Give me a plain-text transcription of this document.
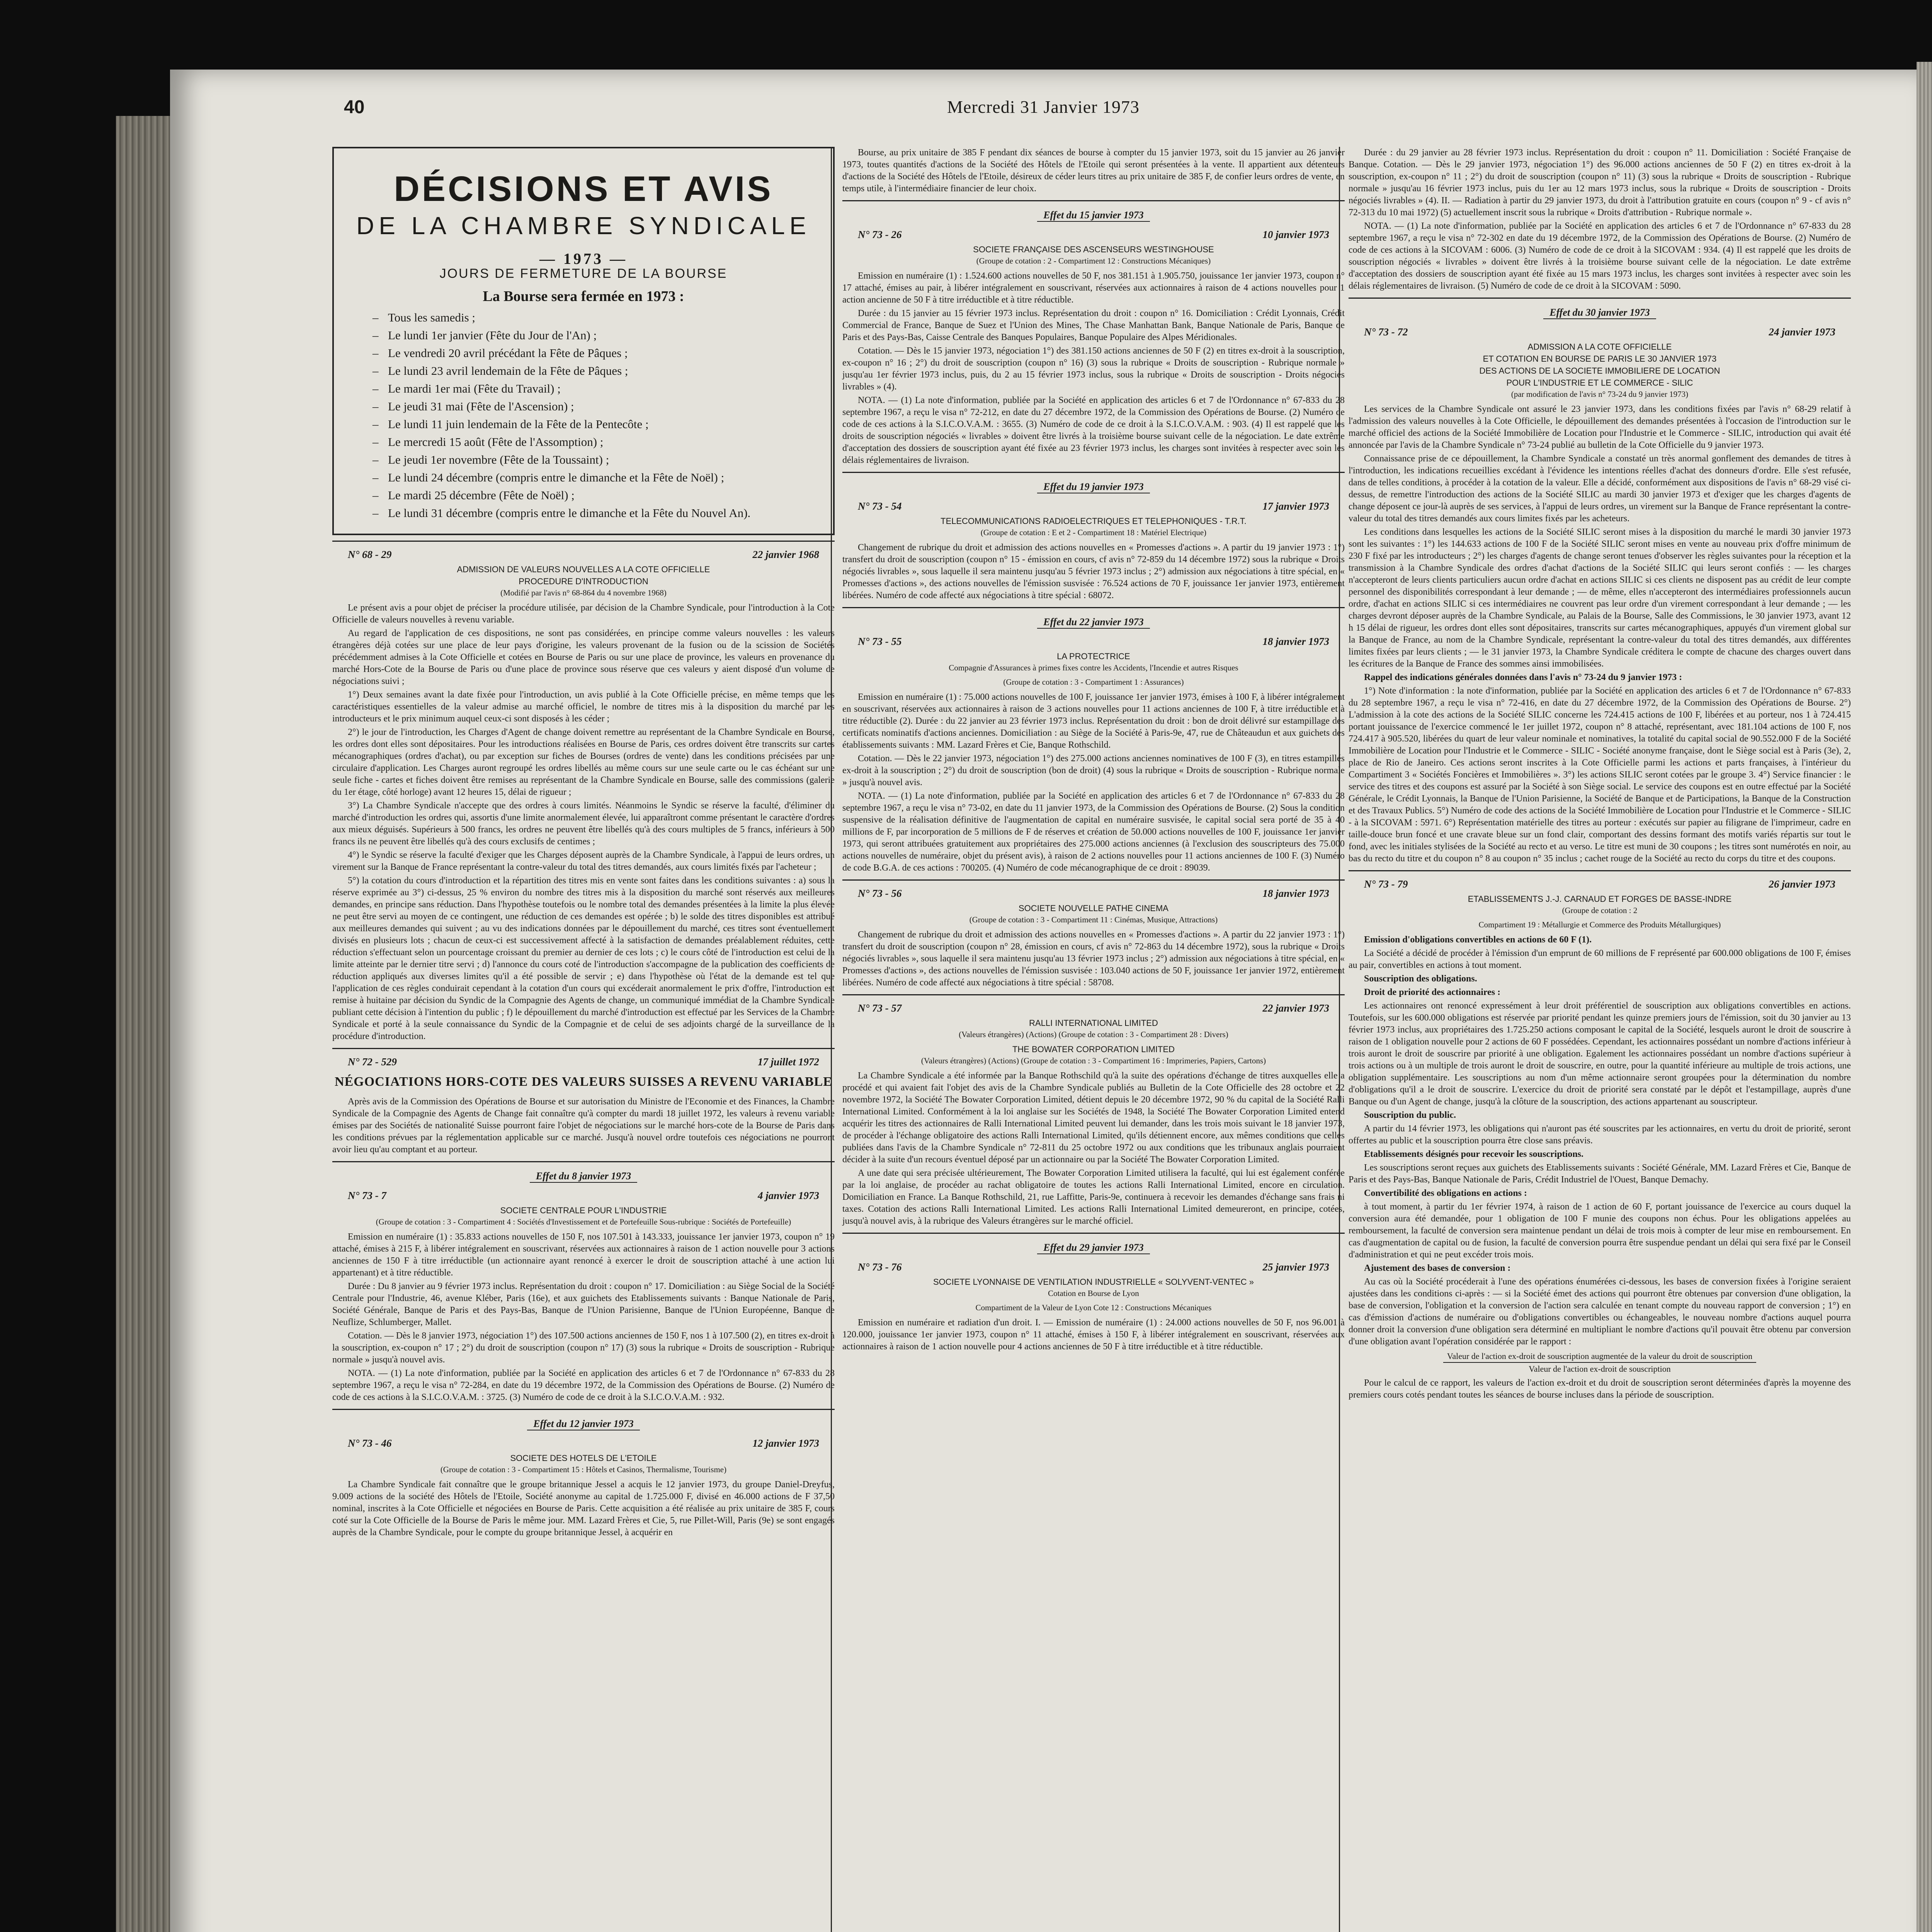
40	Mercredi 31 Janvier 1973
DÉCISIONS ET AVIS
DE LA CHAMBRE SYNDICALE
— 1973 —
JOURS DE FERMETURE DE LA BOURSE
La Bourse sera fermée en 1973 :
– Tous les samedis ;
– Le lundi 1er janvier (Fête du Jour de l'An) ;
– Le vendredi 20 avril précédant la Fête de Pâques ;
– Le lundi 23 avril lendemain de la Fête de Pâques ;
– Le mardi 1er mai (Fête du Travail) ;
– Le jeudi 31 mai (Fête de l'Ascension) ;
– Le lundi 11 juin lendemain de la Fête de la Pentecôte ;
– Le mercredi 15 août (Fête de l'Assomption) ;
– Le jeudi 1er novembre (Fête de la Toussaint) ;
– Le lundi 24 décembre (compris entre le dimanche et la Fête de Noël) ;
– Le mardi 25 décembre (Fête de Noël) ;
– Le lundi 31 décembre (compris entre le dimanche et la Fête du Nouvel An).
N° 68 - 29	22 janvier 1968
ADMISSION DE VALEURS NOUVELLES A LA COTE OFFICIELLE
PROCEDURE D'INTRODUCTION
(Modifié par l'avis n° 68-864 du 4 novembre 1968)

Le présent avis a pour objet de préciser la procédure utilisée, par décision de la Chambre Syndicale, pour l'introduction à la Cote Officielle de valeurs nouvelles à revenu variable.

Au regard de l'application de ces dispositions, ne sont pas considérées, en principe comme valeurs nouvelles : les valeurs étrangères déjà cotées sur une place de leur pays d'origine, les valeurs provenant de la fusion ou de la scission de Sociétés précédemment admises à la Cote Officielle et cotées en Bourse de Paris ou sur une place de province, les valeurs en provenance du marché Hors-Cote de la Bourse de Paris ou d'une place de province sous réserve que ces valeurs y aient disposé d'un volume de négociations suivi ;

1°) Deux semaines avant la date fixée pour l'introduction, un avis publié à la Cote Officielle précise, en même temps que les caractéristiques essentielles de la valeur admise au marché officiel, le nombre de titres mis à la disposition du marché par les introducteurs et le prix minimum auquel ceux-ci sont disposés à les céder ;

2°) le jour de l'introduction, les Charges d'Agent de change doivent remettre au représentant de la Chambre Syndicale en Bourse, les ordres dont elles sont dépositaires. Pour les introductions réalisées en Bourse de Paris, ces ordres doivent être transcrits sur cartes mécanographiques (ordres d'achat), ou par exception sur fiches de Bourses (ordres de vente) dans les conditions précisées par une circulaire d'application. Les Charges auront regroupé les ordres libellés au même cours sur une seule carte ou le cas échéant sur une seule fiche - cartes et fiches doivent être remises au représentant de la Chambre Syndicale en Bourse, salle des commissions (galerie du 1er étage, côté horloge) avant 12 heures 15, délai de rigueur ;

3°) La Chambre Syndicale n'accepte que des ordres à cours limités. Néanmoins le Syndic se réserve la faculté, d'éliminer du marché d'introduction les ordres qui, assortis d'une limite anormalement élevée, lui apparaîtront comme présentant le caractère d'ordres aux mieux déguisés. Supérieurs à 500 francs, les ordres ne peuvent être libellés qu'à des cours multiples de 5 francs, inférieurs à 500 francs ils ne peuvent être libellés qu'à des cours exclusifs de centimes ;

4°) le Syndic se réserve la faculté d'exiger que les Charges déposent auprès de la Chambre Syndicale, à l'appui de leurs ordres, un virement sur la Banque de France représentant la contre-valeur du total des titres demandés, aux cours limités fixés par l'acheteur ;

5°) la cotation du cours d'introduction et la répartition des titres mis en vente sont faites dans les conditions suivantes : a) sous la réserve exprimée au 3°) ci-dessus, 25 % environ du nombre des titres mis à la disposition du marché sont réservés aux meilleures demandes, en principe sans réduction. Dans l'hypothèse toutefois ou le nombre total des demandes présentées à la limite la plus élevée ne peut être servi au moyen de ce contingent, une réduction de ces demandes est opérée ; b) le solde des titres disponibles est attribué aux meilleures demandes qui suivent ; au vu des indications données par le dépouillement du marché, ces titres sont éventuellement divisés en plusieurs lots ; chacun de ceux-ci est successivement affecté à la satisfaction de demandes préalablement réduites, cette réduction s'effectuant selon un pourcentage croissant du premier au dernier de ces lots ; c) le cours côté de l'introduction est celui de la limite atteinte par le dernier titre servi ; d) l'annonce du cours coté de l'introduction s'accompagne de la publication des coefficients de réduction appliqués aux diverses limites qu'il a été possible de servir ; e) dans l'hypothèse où l'état de la demande est tel que l'application de ces règles conduirait cependant à la cotation d'un cours qui excéderait anormalement le prix d'offre, l'introduction est remise à huitaine par décision du Syndic de la Compagnie des Agents de change, un communiqué immédiat de la Chambre Syndicale publiant cette décision à l'intention du public ; f) le dépouillement du marché d'introduction est effectué par les Services de la Chambre Syndicale et porté à la seule connaissance du Syndic de la Compagnie et de celui de ses adjoints chargé de la surveillance de la procédure d'introduction.

N° 72 - 529	17 juillet 1972
NÉGOCIATIONS HORS-COTE DES VALEURS SUISSES A REVENU VARIABLE

Après avis de la Commission des Opérations de Bourse et sur autorisation du Ministre de l'Economie et des Finances, la Chambre Syndicale de la Compagnie des Agents de Change fait connaître qu'à compter du mardi 18 juillet 1972, les valeurs à revenu variable émises par des Sociétés de nationalité Suisse pourront faire l'objet de négociations sur le marché hors-cote de la Bourse de Paris dans les conditions prévues par la réglementation applicable sur ce marché. Jusqu'à nouvel ordre toutefois ces négociations ne pourront avoir lieu qu'au comptant et au porteur.

Effet du 8 janvier 1973
N° 73 - 7	4 janvier 1973
SOCIETE CENTRALE POUR L'INDUSTRIE
(Groupe de cotation : 3 - Compartiment 4 : Sociétés d'Investissement et de Portefeuille Sous-rubrique : Sociétés de Portefeuille)

Emission en numéraire (1) : 35.833 actions nouvelles de 150 F, nos 107.501 à 143.333, jouissance 1er janvier 1973, coupon n° 19 attaché, émises à 215 F, à libérer intégralement en souscrivant, réservées aux actionnaires à raison de 1 action nouvelle pour 3 actions anciennes de 150 F à titre irréductible (un actionnaire ayant renoncé à exercer le droit de souscription attaché à une action lui appartenant) et à titre réductible.

Durée : Du 8 janvier au 9 février 1973 inclus. Représentation du droit : coupon n° 17. Domiciliation : au Siège Social de la Société Centrale pour l'Industrie, 46, avenue Kléber, Paris (16e), et aux guichets des Etablissements suivants : Banque Nationale de Paris, Société Générale, Banque de Paris et des Pays-Bas, Banque de l'Union Parisienne, Banque de l'Union Européenne, Banque de Neuflize, Schlumberger, Mallet.

Cotation. — Dès le 8 janvier 1973, négociation 1°) des 107.500 actions anciennes de 150 F, nos 1 à 107.500 (2), en titres ex-droit à la souscription, ex-coupon n° 17 ; 2°) du droit de souscription (coupon n° 17) (3) sous la rubrique « Droits de souscription - Rubrique normale » jusqu'à nouvel avis.

NOTA. — (1) La note d'information, publiée par la Société en application des articles 6 et 7 de l'Ordonnance n° 67-833 du 28 septembre 1967, a reçu le visa n° 72-284, en date du 19 décembre 1972, de la Commission des Opérations de Bourse. (2) Numéro de code de ces actions à la S.I.C.O.V.A.M. : 3725. (3) Numéro de code de ce droit à la S.I.C.O.V.A.M. : 932.

Effet du 12 janvier 1973
N° 73 - 46	12 janvier 1973
SOCIETE DES HOTELS DE L'ETOILE
(Groupe de cotation : 3 - Compartiment 15 : Hôtels et Casinos, Thermalisme, Tourisme)

La Chambre Syndicale fait connaître que le groupe britannique Jessel a acquis le 12 janvier 1973, du groupe Daniel-Dreyfus, 9.009 actions de la société des Hôtels de l'Etoile, Société anonyme au capital de 1.725.000 F, divisé en 46.000 actions de F 37,50 nominal, inscrites à la Cote Officielle et négociées en Bourse de Paris. Cette acquisition a été réalisée au prix unitaire de 385 F, cours coté sur la Cote Officielle de la Bourse de Paris le même jour. MM. Lazard Frères et Cie, 5, rue Pillet-Will, Paris (9e) se sont engagés auprès de la Chambre Syndicale, pour le compte du groupe britannique Jessel, à acquérir en

Bourse, au prix unitaire de 385 F pendant dix séances de bourse à compter du 15 janvier 1973, soit du 15 janvier au 26 janvier 1973, toutes quantités d'actions de la Société des Hôtels de l'Etoile qui seront présentées à la vente. Il appartient aux détenteurs d'actions de la Société des Hôtels de l'Etoile, désireux de céder leurs titres au prix unitaire de 385 F, de confier leurs ordres de vente, en temps utile, à l'intermédiaire financier de leur choix.

Effet du 15 janvier 1973
N° 73 - 26	10 janvier 1973
SOCIETE FRANÇAISE DES ASCENSEURS WESTINGHOUSE
(Groupe de cotation : 2 - Compartiment 12 : Constructions Mécaniques)

Emission en numéraire (1) : 1.524.600 actions nouvelles de 50 F, nos 381.151 à 1.905.750, jouissance 1er janvier 1973, coupon n° 17 attaché, émises au pair, à libérer intégralement en souscrivant, réservées aux actionnaires à raison de 4 actions nouvelles pour 1 action ancienne de 50 F à titre irréductible et à titre réductible.

Durée : du 15 janvier au 15 février 1973 inclus. Représentation du droit : coupon n° 16. Domiciliation : Crédit Lyonnais, Crédit Commercial de France, Banque de Suez et l'Union des Mines, The Chase Manhattan Bank, Banque Nationale de Paris, Banque de Paris et des Pays-Bas, Caisse Centrale des Banques Populaires, Banque Populaire des Alpes Méridionales.

Cotation. — Dès le 15 janvier 1973, négociation 1°) des 381.150 actions anciennes de 50 F (2) en titres ex-droit à la souscription, ex-coupon n° 16 ; 2°) du droit de souscription (coupon n° 16) (3) sous la rubrique « Droits de souscription - Rubrique normale » jusqu'au 1er février 1973 inclus, puis, du 2 au 15 février 1973 inclus, sous la rubrique « Droits de souscription - Droits négociés livrables » (4).

NOTA. — (1) La note d'information, publiée par la Société en application des articles 6 et 7 de l'Ordonnance n° 67-833 du 28 septembre 1967, a reçu le visa n° 72-212, en date du 27 décembre 1972, de la Commission des Opérations de Bourse. (2) Numéro de code de ces actions à la S.I.C.O.V.A.M. : 3655. (3) Numéro de code de ce droit à la S.I.C.O.V.A.M. : 903. (4) Il est rappelé que les droits de souscription négociés « livrables » doivent être livrés à la troisième bourse suivant celle de la négociation. Le date extrême d'acceptation des dossiers de souscription ayant été fixée au 23 février 1973 inclus, les charges sont invitées à respecter avec soin les délais réglementaires de livraison.

Effet du 19 janvier 1973
N° 73 - 54	17 janvier 1973
TELECOMMUNICATIONS RADIOELECTRIQUES ET TELEPHONIQUES - T.R.T.
(Groupe de cotation : E et 2 - Compartiment 18 : Matériel Electrique)

Changement de rubrique du droit et admission des actions nouvelles en « Promesses d'actions ». A partir du 19 janvier 1973 : 1°) transfert du droit de souscription (coupon n° 15 - émission en cours, cf avis n° 72-859 du 14 décembre 1972) sous la rubrique « Droits négociés livrables », sous laquelle il sera maintenu jusqu'au 5 février 1973 inclus ; 2°) admission aux négociations à titre spécial, en « Promesses d'actions », des actions nouvelles de l'émission susvisée : 76.524 actions de 70 F, jouissance 1er janvier 1973, entièrement libérées. Numéro de code affecté aux négociations à titre spécial : 68072.

Effet du 22 janvier 1973
N° 73 - 55	18 janvier 1973
LA PROTECTRICE
Compagnie d'Assurances à primes fixes contre les Accidents, l'Incendie et autres Risques
(Groupe de cotation : 3 - Compartiment 1 : Assurances)

Emission en numéraire (1) : 75.000 actions nouvelles de 100 F, jouissance 1er janvier 1973, émises à 100 F, à libérer intégralement en souscrivant, réservées aux actionnaires à raison de 3 actions nouvelles pour 11 actions anciennes de 100 F, à titre irréductible et à titre réductible (2). Durée : du 22 janvier au 23 février 1973 inclus. Représentation du droit : bon de droit délivré sur estampillage des certificats nominatifs d'actions anciennes. Domiciliation : au Siège de la Société à Paris-9e, 47, rue de Châteaudun et aux guichets des établissements suivants : MM. Lazard Frères et Cie, Banque Rothschild.

Cotation. — Dès le 22 janvier 1973, négociation 1°) des 275.000 actions anciennes nominatives de 100 F (3), en titres estampillés ex-droit à la souscription ; 2°) du droit de souscription (bon de droit) (4) sous la rubrique « Droits de souscription - Rubrique normale » jusqu'à nouvel avis.

NOTA. — (1) La note d'information, publiée par la Société en application des articles 6 et 7 de l'Ordonnance n° 67-833 du 28 septembre 1967, a reçu le visa n° 73-02, en date du 11 janvier 1973, de la Commission des Opérations de Bourse. (2) Sous la condition suspensive de la réalisation définitive de l'augmentation de capital en numéraire susvisée, le capital social sera porté de 35 à 40 millions de F, par incorporation de 5 millions de F de réserves et création de 50.000 actions nouvelles de 100 F, jouissance 1er janvier 1973, qui seront attribuées gratuitement aux propriétaires des 275.000 actions anciennes (à l'exclusion des souscripteurs des 75.000 actions nouvelles de numéraire, objet du présent avis), à raison de 2 actions nouvelles pour 11 actions anciennes de 100 F. (3) Numéro de code B.G.A. de ces actions : 700205. (4) Numéro de code mécanographique de ce droit : 89039.

N° 73 - 56	18 janvier 1973
SOCIETE NOUVELLE PATHE CINEMA
(Groupe de cotation : 3 - Compartiment 11 : Cinémas, Musique, Attractions)

Changement de rubrique du droit et admission des actions nouvelles en « Promesses d'actions ». A partir du 22 janvier 1973 : 1°) transfert du droit de souscription (coupon n° 28, émission en cours, cf avis n° 72-863 du 14 décembre 1972), sous la rubrique « Droits négociés livrables », sous laquelle il sera maintenu jusqu'au 13 février 1973 inclus ; 2°) admission aux négociations à titre spécial, en « Promesses d'actions », des actions nouvelles de l'émission susvisée : 103.040 actions de 50 F, jouissance 1er janvier 1972, entièrement libérées. Numéro de code affecté aux négociations à titre spécial : 58708.

N° 73 - 57	22 janvier 1973
RALLI INTERNATIONAL LIMITED
(Valeurs étrangères) (Actions) (Groupe de cotation : 3 - Compartiment 28 : Divers)
THE BOWATER CORPORATION LIMITED
(Valeurs étrangères) (Actions) (Groupe de cotation : 3 - Compartiment 16 : Imprimeries, Papiers, Cartons)

La Chambre Syndicale a été informée par la Banque Rothschild qu'à la suite des opérations d'échange de titres auxquelles elle a procédé et qui avaient fait l'objet des avis de la Chambre Syndicale publiés au Bulletin de la Cote Officielle des 28 octobre et 22 novembre 1972, la Société The Bowater Corporation Limited, détient depuis le 20 décembre 1972, 90 % du capital de la Société Ralli International Limited. Conformément à la loi anglaise sur les Sociétés de 1948, la Société The Bowater Corporation Limited entend acquérir les titres des actionnaires de Ralli International Limited peuvent lui demander, dans les trois mois suivant le 18 janvier 1973, de procéder à l'échange obligatoire des actions Ralli International Limited, qu'ils détiennent encore, aux mêmes conditions que celles publiées dans l'avis de la Chambre Syndicale n° 72-811 du 25 octobre 1972 ou aux conditions que les tribunaux anglais pourraient décider à la suite d'un recours éventuel déposé par un actionnaire ou par la Société The Bowater Corporation Limited.

A une date qui sera précisée ultérieurement, The Bowater Corporation Limited utilisera la faculté, qui lui est également conférée par la loi anglaise, de procéder au rachat obligatoire de toutes les actions Ralli International Limited, encore en circulation. Domiciliation en France. La Banque Rothschild, 21, rue Laffitte, Paris-9e, continuera à recevoir les demandes d'échange sans frais ni taxes. Cotation des actions Ralli International Limited. Les actions Ralli International Limited demeureront, en principe, cotées, jusqu'à nouvel avis, à la rubrique des Valeurs étrangères sur le marché officiel.

Effet du 29 janvier 1973
N° 73 - 76	25 janvier 1973
SOCIETE LYONNAISE DE VENTILATION INDUSTRIELLE « SOLYVENT-VENTEC »
Cotation en Bourse de Lyon
Compartiment de la Valeur de Lyon Cote 12 : Constructions Mécaniques

Emission en numéraire et radiation d'un droit. I. — Emission de numéraire (1) : 24.000 actions nouvelles de 50 F, nos 96.001 à 120.000, jouissance 1er janvier 1973, coupon n° 11 attaché, émises à 150 F, à libérer intégralement en souscrivant, réservées aux actionnaires à raison de 1 action nouvelle pour 4 actions anciennes de 50 F à titre irréductible et à titre réductible.

Durée : du 29 janvier au 28 février 1973 inclus. Représentation du droit : coupon n° 11. Domiciliation : Société Française de Banque. Cotation. — Dès le 29 janvier 1973, négociation 1°) des 96.000 actions anciennes de 50 F (2) en titres ex-droit à la souscription, ex-coupon n° 11 ; 2°) du droit de souscription (coupon n° 11) (3) sous la rubrique « Droits de souscription - Rubrique normale » jusqu'au 16 février 1973 inclus, puis du 1er au 12 mars 1973 inclus, sous la rubrique « Droits de souscription - Droits négociés livrables » (4). II. — Radiation à partir du 29 janvier 1973, du droit à l'attribution gratuite en cours (coupon n° 9 - cf avis n° 72-313 du 10 mai 1972) (5) actuellement inscrit sous la rubrique « Droits d'attribution - Rubrique normale ».

NOTA. — (1) La note d'information, publiée par la Société en application des articles 6 et 7 de l'Ordonnance n° 67-833 du 28 septembre 1967, a reçu le visa n° 72-302 en date du 19 décembre 1972, de la Commission des Opérations de Bourse. (2) Numéro de code de ces actions à la SICOVAM : 6006. (3) Numéro de code de ce droit à la SICOVAM : 934. (4) Il est rappelé que les droits de souscription négociés « livrables » doivent être livrés à la troisième bourse suivant celle de la négociation. Le date extrême d'acceptation des dossiers de souscription ayant été fixée au 15 mars 1973 inclus, les charges sont invitées à respecter avec soin les délais réglementaires de livraison. (5) Numéro de code de ce droit à la SICOVAM : 5090.

Effet du 30 janvier 1973
N° 73 - 72	24 janvier 1973
ADMISSION A LA COTE OFFICIELLE
ET COTATION EN BOURSE DE PARIS LE 30 JANVIER 1973
DES ACTIONS DE LA SOCIETE IMMOBILIERE DE LOCATION
POUR L'INDUSTRIE ET LE COMMERCE - SILIC
(par modification de l'avis n° 73-24 du 9 janvier 1973)

Les services de la Chambre Syndicale ont assuré le 23 janvier 1973, dans les conditions fixées par l'avis n° 68-29 relatif à l'admission des valeurs nouvelles à la Cote Officielle, le dépouillement des demandes présentées à l'occasion de l'introduction sur le marché officiel des actions de la Société Immobilière de Location pour l'Industrie et le Commerce - SILIC, introduction qui avait été annoncée par l'avis de la Chambre Syndicale n° 73-24 publié au bulletin de la Cote Officielle du 9 janvier 1973.

Connaissance prise de ce dépouillement, la Chambre Syndicale a constaté un très anormal gonflement des demandes de titres à l'introduction, les indications recueillies excédant à l'évidence les intentions réelles d'achat des donneurs d'ordre. Elle s'est refusée, dans de telles conditions, à procéder à la cotation de la valeur. Elle a décidé, conformément aux dispositions de l'avis n° 68-29 visé ci-dessus, de remettre l'introduction des actions de la Société SILIC au mardi 30 janvier 1973 et d'exiger que les charges d'agents de change déposent ce jour-là auprès de ses services, à l'appui de leurs ordres, un virement sur la Banque de France représentant la contre-valeur du total des titres demandés aux cours limites fixés par les acheteurs.

Les conditions dans lesquelles les actions de la Société SILIC seront mises à la disposition du marché le mardi 30 janvier 1973 sont les suivantes : 1°) les 144.633 actions de 100 F de la Société SILIC seront mises en vente au nouveau prix d'offre minimum de 230 F fixé par les introducteurs ; 2°) les charges d'agents de change seront tenues d'observer les règles suivantes pour la réception et la transmission à la Chambre Syndicale des ordres d'achat d'actions de la Société SILIC qui leurs seront confiés : — les charges n'accepteront de leurs clients particuliers aucun ordre d'achat en actions SILIC si ces clients ne disposent pas au crédit de leur compte personnel des disponibilités correspondant à leur demande ; — de même, elles n'accepteront des intermédiaires professionnels aucun ordre, d'achat en actions SILIC si ces intermédiaires ne couvrent pas leur ordre d'un virement correspondant à leur demande ; — les charges devront déposer auprès de la Chambre Syndicale, au Palais de la Bourse, Salle des Commissions, le 30 janvier 1973, avant 12 h 15 délai de rigueur, les ordres dont elles sont dépositaires, transcrits sur cartes mécanographiques, appuyés d'un virement global sur la Banque de France, au nom de la Chambre Syndicale, représentant la contre-valeur du total des titres demandés, aux différentes limites fixées par leurs clients ; — le 31 janvier 1973, la Chambre Syndicale créditera le compte de chacune des charges ouvert dans les écritures de la Banque de France des sommes ainsi immobilisées.

Rappel des indications générales données dans l'avis n° 73-24 du 9 janvier 1973 :

1°) Note d'information : la note d'information, publiée par la Société en application des articles 6 et 7 de l'Ordonnance n° 67-833 du 28 septembre 1967, a reçu le visa n° 72-416, en date du 27 décembre 1972, de la Commission des Opérations de Bourse. 2°) L'admission à la cote des actions de la Société SILIC concerne les 724.415 actions de 100 F, libérées et au porteur, nos 1 à 724.415 portant jouissance de l'exercice commencé le 1er juillet 1972, coupon n° 8 attaché, représentant, avec 181.104 actions de 100 F, nos 724.417 à 905.520, libérées du quart de leur valeur nominale et nominatives, la totalité du capital social de 90.552.000 F de la Société Immobilière de Location pour l'Industrie et le Commerce - SILIC - Société anonyme française, dont le Siège social est à Paris (3e), 2, place de Rio de Janeiro. Ces actions seront inscrites à la Cote Officielle parmi les actions et parts françaises, à l'intérieur du Compartiment 3 « Sociétés Foncières et Immobilières ». 3°) les actions SILIC seront cotées par le groupe 3. 4°) Service financier : le service des titres et des coupons est assuré par la Société à son Siège social. Le service des coupons est en outre effectué par la Société Générale, le Crédit Lyonnais, la Banque de l'Union Parisienne, la Société de Banque et de Participations, la Banque de la Construction et des Travaux Publics. 5°) Numéro de code des actions de la Société Immobilière de Location pour l'Industrie et le Commerce - SILIC - à la SICOVAM : 5971. 6°) Représentation matérielle des titres au porteur : exécutés sur papier au filigrane de l'imprimeur, cadre en taille-douce brun foncé et une cravate bleue sur un fond clair, comportant des dessins formant des motifs variés répartis sur tout le fond, avec les initiales stylisées de la Société au recto et au verso. Le titre est muni de 30 coupons ; les titres sont numérotés en noir, au bas du recto du titre et du coupon n° 8 au coupon n° 35 inclus ; cachet rouge de la Société au recto du corps du titre et des coupons.

N° 73 - 79	26 janvier 1973
ETABLISSEMENTS J.-J. CARNAUD ET FORGES DE BASSE-INDRE
(Groupe de cotation : 2
Compartiment 19 : Métallurgie et Commerce des Produits Métallurgiques)
Emission d'obligations convertibles en actions de 60 F (1).

La Société a décidé de procéder à l'émission d'un emprunt de 60 millions de F représenté par 600.000 obligations de 100 F, émises au pair, convertibles en actions à tout moment.

Souscription des obligations.
Droit de priorité des actionnaires :

Les actionnaires ont renoncé expressément à leur droit préférentiel de souscription aux obligations convertibles en actions. Toutefois, sur les 600.000 obligations est réservée par priorité pendant les quinze premiers jours de l'émission, soit du 30 janvier au 13 février 1973 inclus, aux propriétaires des 1.725.250 actions composant le capital de la Société, lesquels auront le droit de souscrire à raison de 1 obligation nouvelle pour 2 actions de 60 F possédées. Cependant, les actionnaires possédant un nombre d'actions inférieur à trois auront le droit de souscrire par priorité à une obligation. Egalement les actionnaires possédant un nombre d'actions supérieur à trois actions ou à un multiple de trois auront le droit de souscrire, en outre, pour la quantité inférieure au multiple de trois actions, une obligation supplémentaire. Les souscriptions au nom d'un même actionnaire seront groupées pour la détermination du nombre d'obligations qu'il a le droit de souscrire. L'exercice du droit de priorité sera constaté par le dépôt et l'estampillage, auprès d'une Banque ou d'un Agent de change, jusqu'à la clôture de la souscription, des actions appartenant au souscripteur.

Souscription du public.

A partir du 14 février 1973, les obligations qui n'auront pas été souscrites par les actionnaires, en vertu du droit de priorité, seront offertes au public et la souscription pourra être close sans préavis.

Etablissements désignés pour recevoir les souscriptions.

Les souscriptions seront reçues aux guichets des Etablissements suivants : Société Générale, MM. Lazard Frères et Cie, Banque de Paris et des Pays-Bas, Banque Nationale de Paris, Crédit Industriel de l'Ouest, Banque Demachy.

Convertibilité des obligations en actions :

à tout moment, à partir du 1er février 1974, à raison de 1 action de 60 F, portant jouissance de l'exercice au cours duquel la conversion aura été demandée, pour 1 obligation de 100 F munie des coupons non échus. Pour les obligations appelées au remboursement, la faculté de conversion sera maintenue pendant un délai de trois mois à compter de leur mise en remboursement. En cas d'augmentation de capital ou de fusion, la faculté de conversion pourra être suspendue pendant un délai qui sera fixé par le Conseil d'administration et qui ne peut excéder trois mois.

Ajustement des bases de conversion :

Au cas où la Société procéderait à l'une des opérations énumérées ci-dessous, les bases de conversion fixées à l'origine seraient ajustées dans les conditions ci-après : — si la Société émet des actions qui pourront être obtenues par conversion d'une obligation, la base de conversion, l'obligation et la conversion de l'action sera calculée en tenant compte du nouveau rapport de conversion ; 1°) en cas d'émission d'actions de numéraire ou d'obligations convertibles ou échangeables, le nouveau nombre d'actions auquel pourra donner droit la conversion d'une obligation sera déterminé en multipliant le nombre d'actions qu'il pouvait être obtenu par conversion d'une obligation avant l'opération considérée par le rapport :

Valeur de l'action ex-droit de souscription augmentée de la valeur du droit de souscription
Valeur de l'action ex-droit de souscription

Pour le calcul de ce rapport, les valeurs de l'action ex-droit et du droit de souscription seront déterminées d'après la moyenne des premiers cours cotés pendant toutes les séances de bourse incluses dans la période de souscription.
